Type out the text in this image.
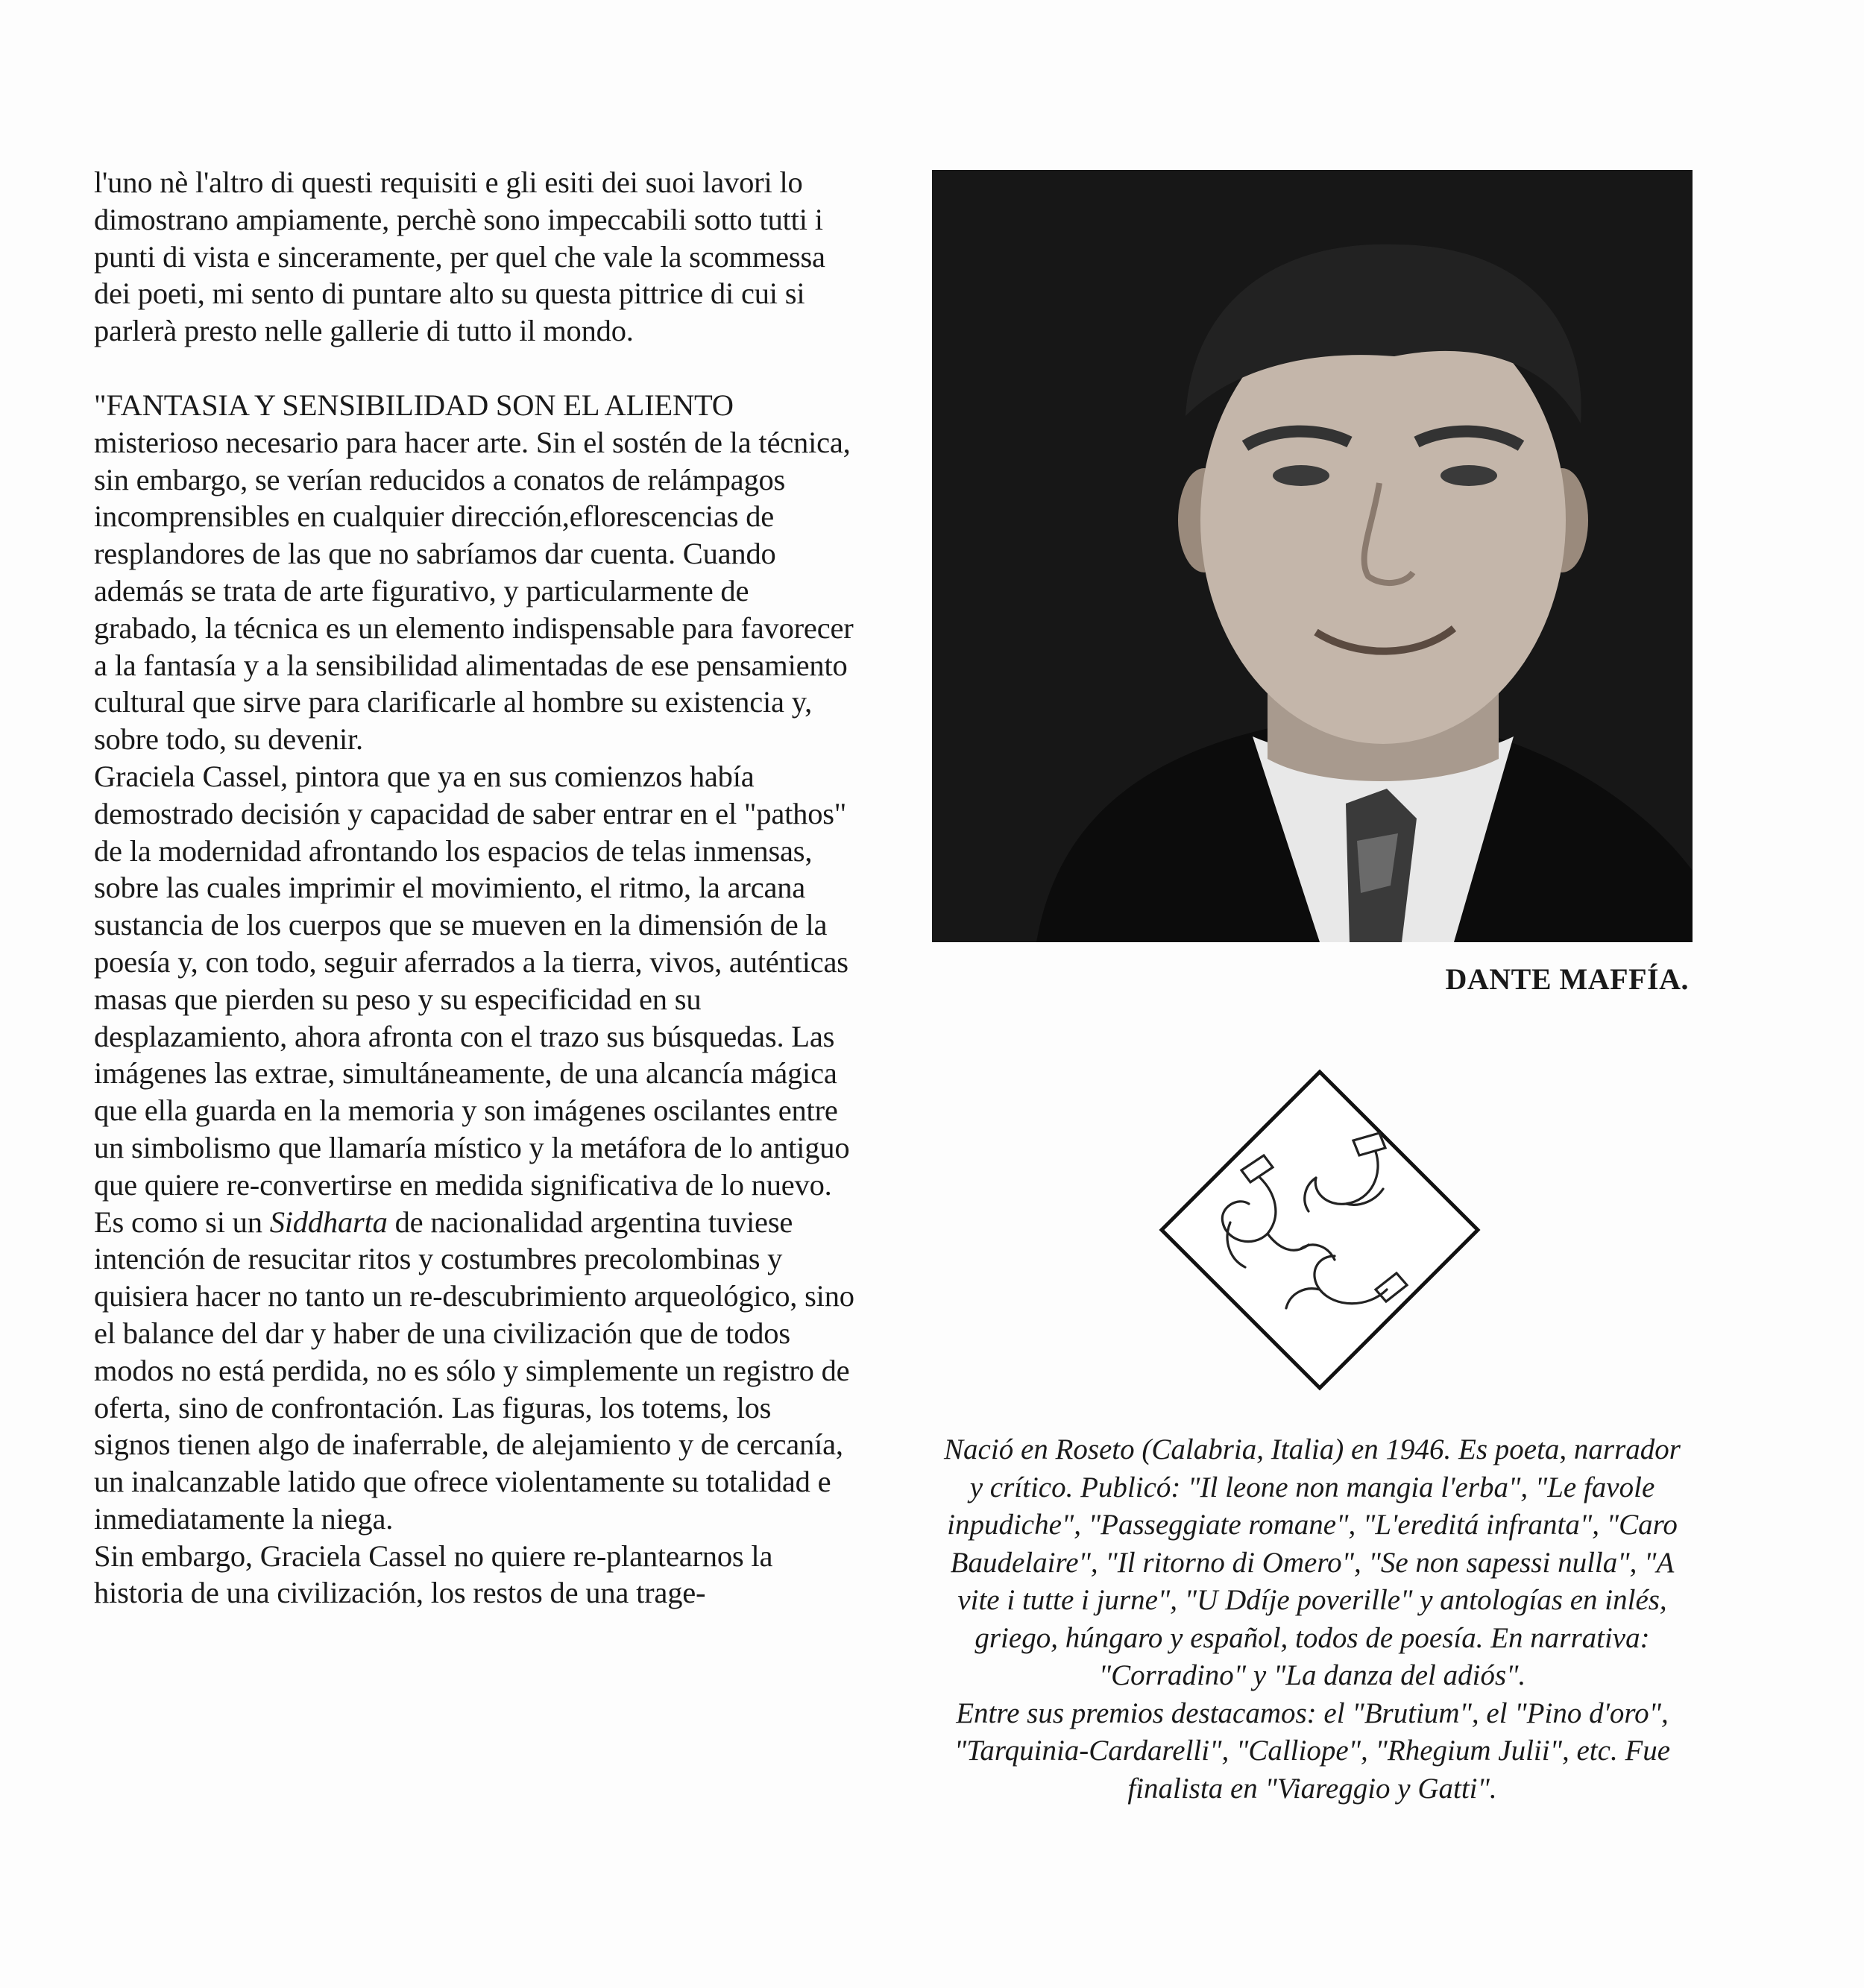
l'uno nè l'altro di questi requisiti e gli esiti dei suoi lavori lo dimostrano ampiamente, perchè sono impeccabili sotto tutti i punti di vista e sinceramente, per quel che vale la scommessa dei poeti, mi sento di puntare alto su questa pittrice di cui si parlerà presto nelle gallerie di tutto il mondo.

"FANTASIA Y SENSIBILIDAD SON EL ALIENTO misterioso necesario para hacer arte. Sin el sostén de la técnica, sin embargo, se verían reducidos a conatos de relámpagos incomprensibles en cualquier dirección,eflorescencias de resplandores de las que no sabríamos dar cuenta. Cuando además se trata de arte figurativo, y particularmente de grabado, la técnica es un elemento indispensable para favorecer a la fantasía y a la sensibilidad alimentadas de ese pensamiento cultural que sirve para clarificarle al hombre su existencia y, sobre todo, su devenir.

Graciela Cassel, pintora que ya en sus comienzos había demostrado decisión y capacidad de saber entrar en el "pathos" de la modernidad afrontando los espacios de telas inmensas, sobre las cuales imprimir el movimiento, el ritmo, la arcana sustancia de los cuerpos que se mueven en la dimensión de la poesía y, con todo, seguir aferrados a la tierra, vivos, auténticas masas que pierden su peso y su especificidad en su desplazamiento, ahora afronta con el trazo sus búsquedas. Las imágenes las extrae, simultáneamente, de una alcancía mágica que ella guarda en la memoria y son imágenes oscilantes entre un simbolismo que llamaría místico y la metáfora de lo antiguo que quiere re-convertirse en medida significativa de lo nuevo.

Es como si un Siddharta de nacionalidad argentina tuviese intención de resucitar ritos y costumbres precolombinas y quisiera hacer no tanto un re-descubrimiento arqueológico, sino el balance del dar y haber de una civilización que de todos modos no está perdida, no es sólo y simplemente un registro de oferta, sino de confrontación. Las figuras, los totems, los signos tienen algo de inaferrable, de alejamiento y de cercanía, un inalcanzable latido que ofrece violentamente su totalidad e inmediatamente la niega.

Sin embargo, Graciela Cassel no quiere re-plantearnos la historia de una civilización, los restos de una trage-

DANTE MAFFÍA.

Nació en Roseto (Calabria, Italia) en 1946. Es poeta, narrador y crítico. Publicó: "Il leone non mangia l'erba", "Le favole inpudiche", "Passeggiate romane", "L'ereditá infranta", "Caro Baudelaire", "Il ritorno di Omero", "Se non sapessi nulla", "A vite i tutte i jurne", "U Ddíje poverille" y antologías en inlés, griego, húngaro y español, todos de poesía. En narrativa: "Corradino" y "La danza del adiós".

Entre sus premios destacamos: el "Brutium", el "Pino d'oro", "Tarquinia-Cardarelli", "Calliope", "Rhegium Julii", etc. Fue finalista en "Viareggio y Gatti".
